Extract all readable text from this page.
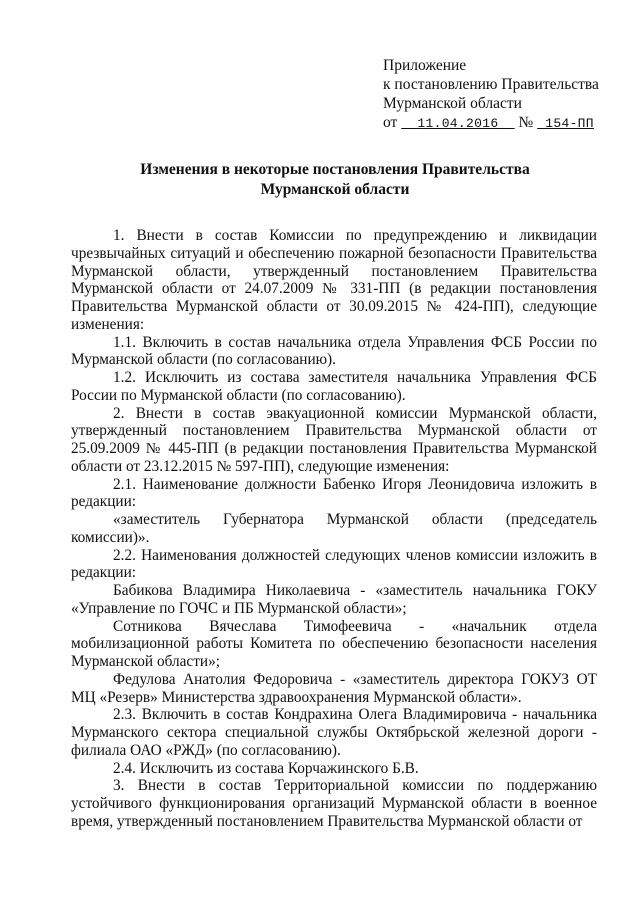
Приложение
к постановлению Правительства
Мурманской области
от 11.04.2016 № 154-ПП
Изменения в некоторые постановления Правительства
Мурманской области

1. Внести в состав Комиссии по предупреждению и ликвидации чрезвычайных ситуаций и обеспечению пожарной безопасности Правительства Мурманской области, утвержденный постановлением Правительства Мурманской области от 24.07.2009 № 331-ПП (в редакции постановления Правительства Мурманской области от 30.09.2015 № 424-ПП), следующие изменения:

1.1. Включить в состав начальника отдела Управления ФСБ России по Мурманской области (по согласованию).

1.2. Исключить из состава заместителя начальника Управления ФСБ России по Мурманской области (по согласованию).

2. Внести в состав эвакуационной комиссии Мурманской области, утвержденный постановлением Правительства Мурманской области от 25.09.2009 № 445-ПП (в редакции постановления Правительства Мурманской области от 23.12.2015 № 597-ПП), следующие изменения:

2.1. Наименование должности Бабенко Игоря Леонидовича изложить в редакции:

«заместитель Губернатора Мурманской области (председатель комиссии)».

2.2. Наименования должностей следующих членов комиссии изложить в редакции:

Бабикова Владимира Николаевича - «заместитель начальника ГОКУ «Управление по ГОЧС и ПБ Мурманской области»;

Сотникова Вячеслава Тимофеевича - «начальник отдела мобилизационной работы Комитета по обеспечению безопасности населения Мурманской области»;

Федулова Анатолия Федоровича - «заместитель директора ГОКУЗ ОТ МЦ «Резерв» Министерства здравоохранения Мурманской области».

2.3. Включить в состав Кондрахина Олега Владимировича - начальника Мурманского сектора специальной службы Октябрьской железной дороги - филиала ОАО «РЖД» (по согласованию).

2.4. Исключить из состава Корчажинского Б.В.

3. Внести в состав Территориальной комиссии по поддержанию устойчивого функционирования организаций Мурманской области в военное время, утвержденный постановлением Правительства Мурманской области от
